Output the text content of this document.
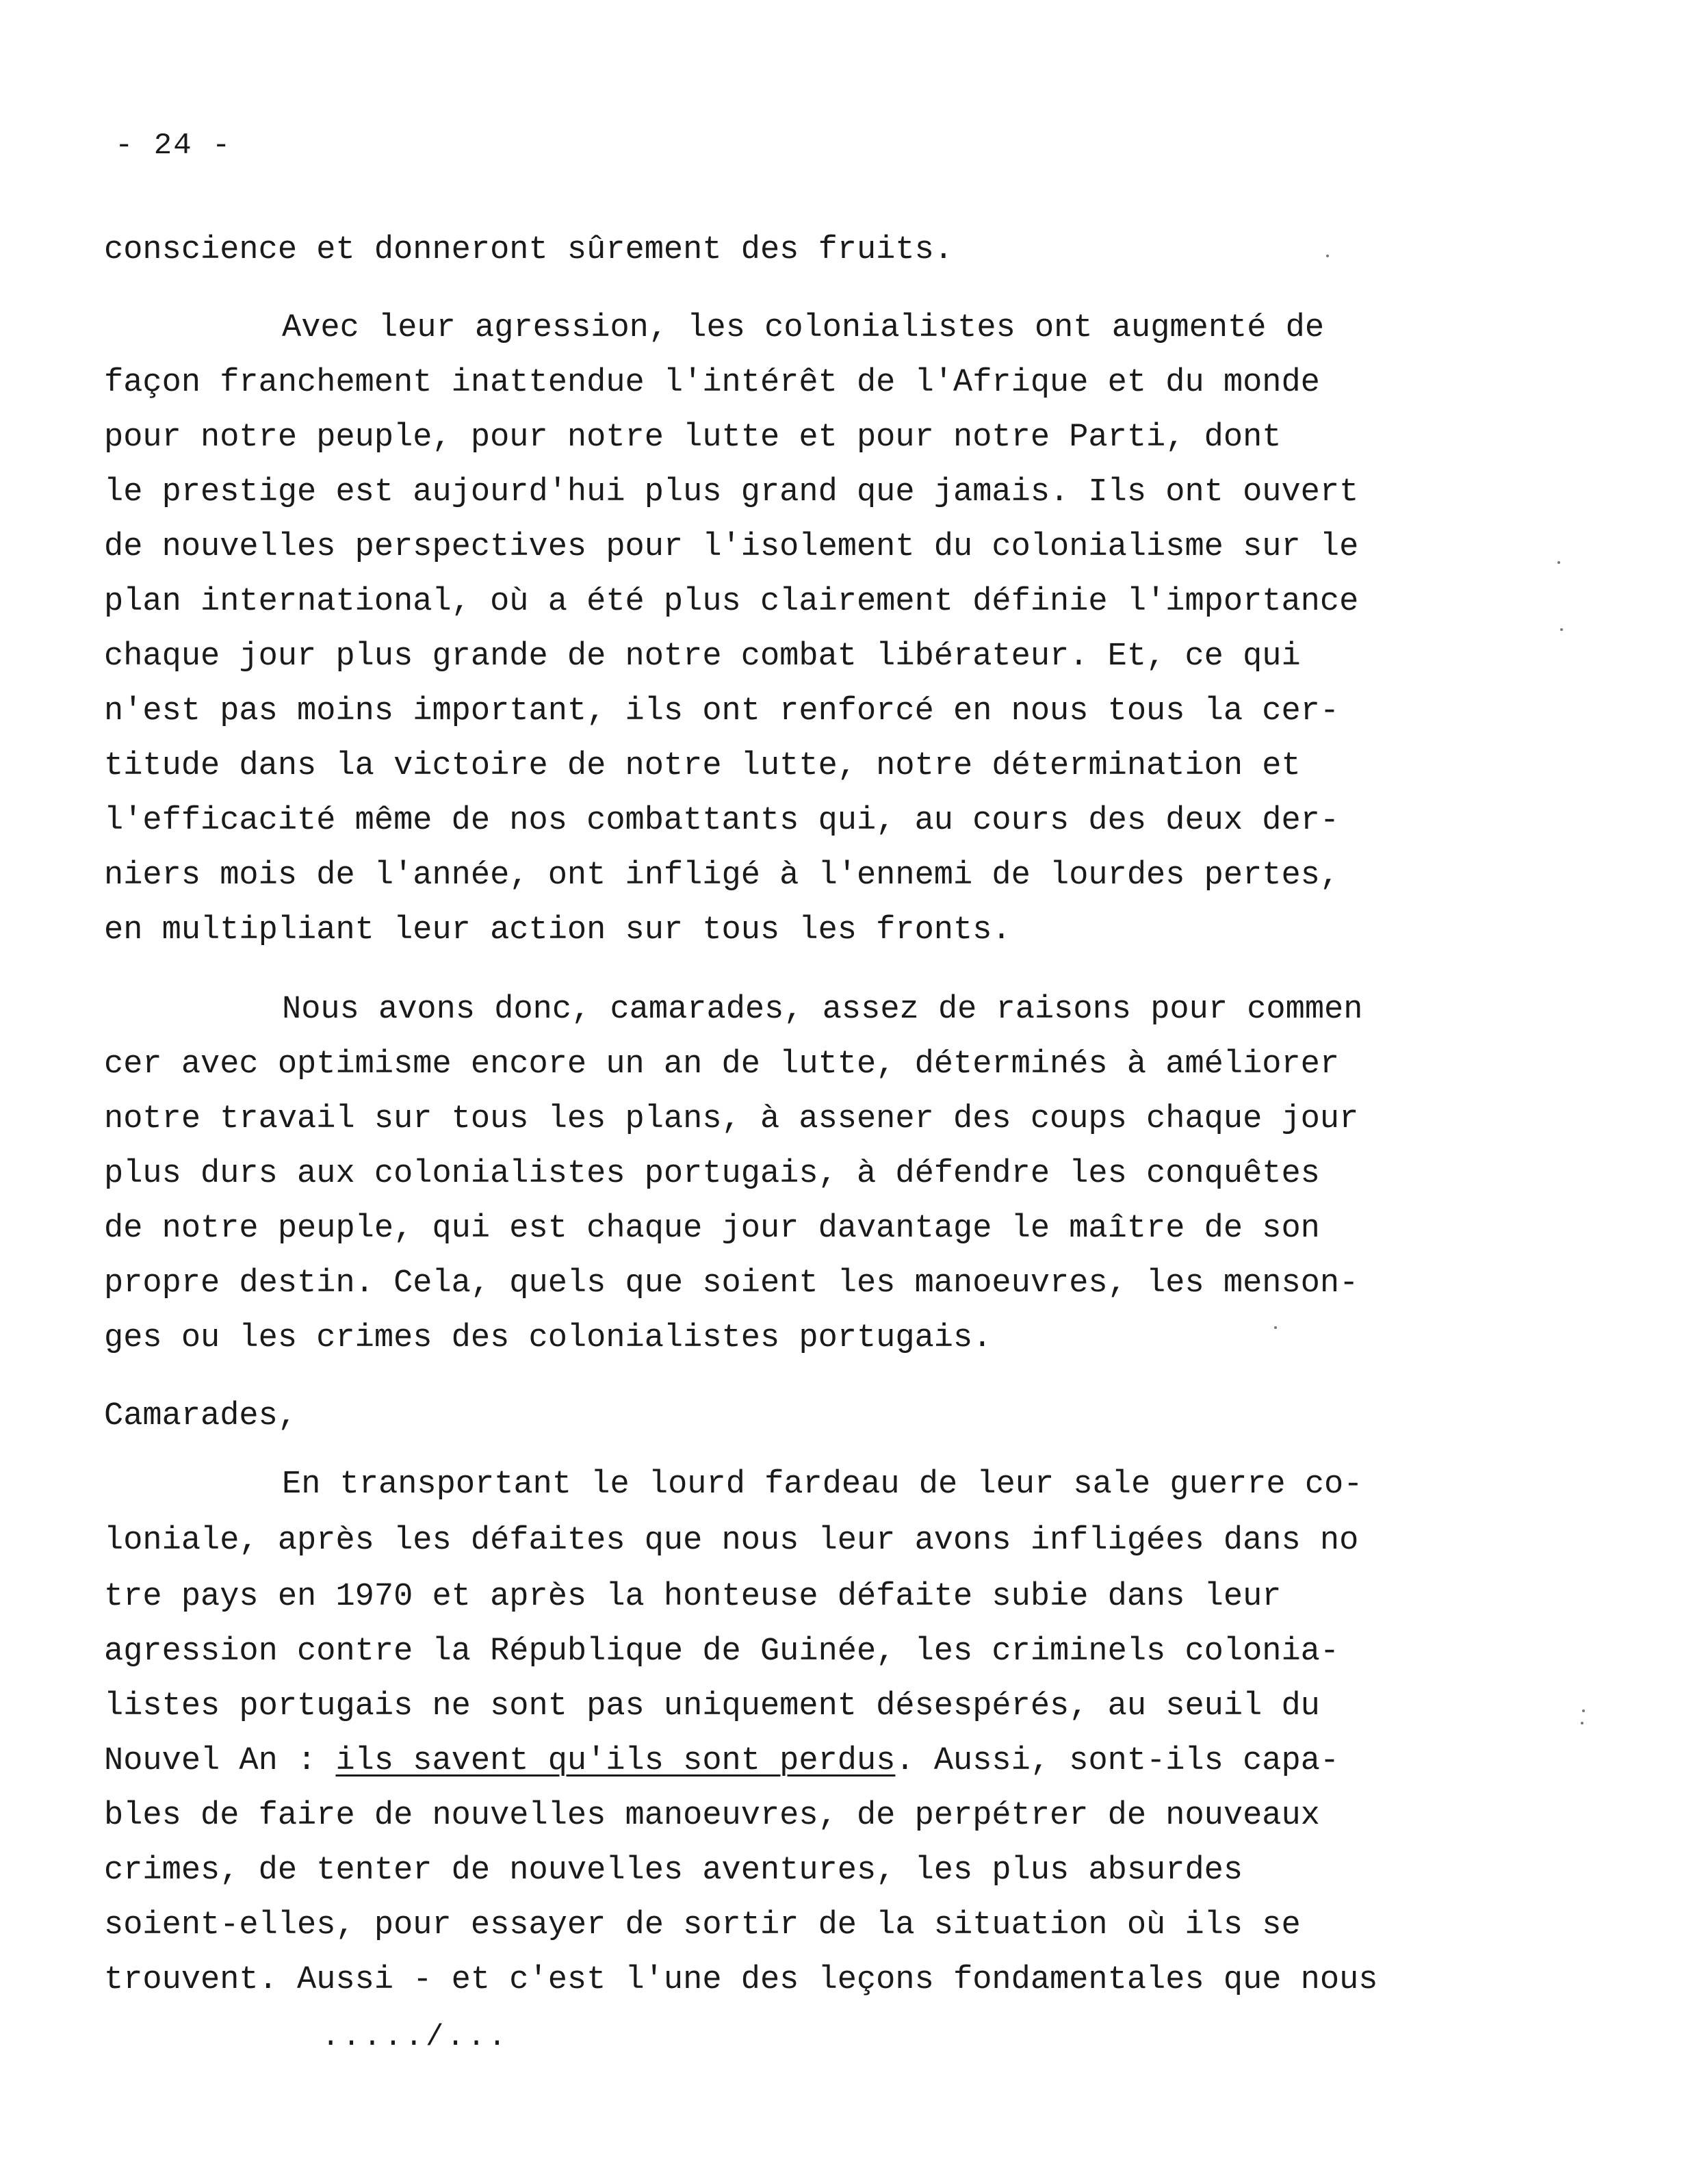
- 24 -
conscience et donneront sûrement des fruits.
Avec leur agression, les colonialistes ont augmenté de
façon franchement inattendue l'intérêt de l'Afrique et du monde
pour notre peuple, pour notre lutte et pour notre Parti, dont
le prestige est aujourd'hui plus grand que jamais. Ils ont ouvert
de nouvelles perspectives pour l'isolement du colonialisme sur le
plan international, où a été plus clairement définie l'importance
chaque jour plus grande de notre combat libérateur. Et, ce qui
n'est pas moins important, ils ont renforcé en nous tous la cer-
titude dans la victoire de notre lutte, notre détermination et
l'efficacité même de nos combattants qui, au cours des deux der-
niers mois de l'année, ont infligé à l'ennemi de lourdes pertes,
en multipliant leur action sur tous les fronts.
Nous avons donc, camarades, assez de raisons pour commen
cer avec optimisme encore un an de lutte, déterminés à améliorer
notre travail sur tous les plans, à assener des coups chaque jour
plus durs aux colonialistes portugais, à défendre les conquêtes
de notre peuple, qui est chaque jour davantage le maître de son
propre destin. Cela, quels que soient les manoeuvres, les menson-
ges ou les crimes des colonialistes portugais.
Camarades,
En transportant le lourd fardeau de leur sale guerre co-
loniale, après les défaites que nous leur avons infligées dans no
tre pays en 1970 et après la honteuse défaite subie dans leur
agression contre la République de Guinée, les criminels colonia-
listes portugais ne sont pas uniquement désespérés, au seuil du
Nouvel An : ils savent qu'ils sont perdus. Aussi, sont-ils capa-
bles de faire de nouvelles manoeuvres, de perpétrer de nouveaux
crimes, de tenter de nouvelles aventures, les plus absurdes
soient-elles, pour essayer de sortir de la situation où ils se
trouvent. Aussi - et c'est l'une des leçons fondamentales que nous
...../...
